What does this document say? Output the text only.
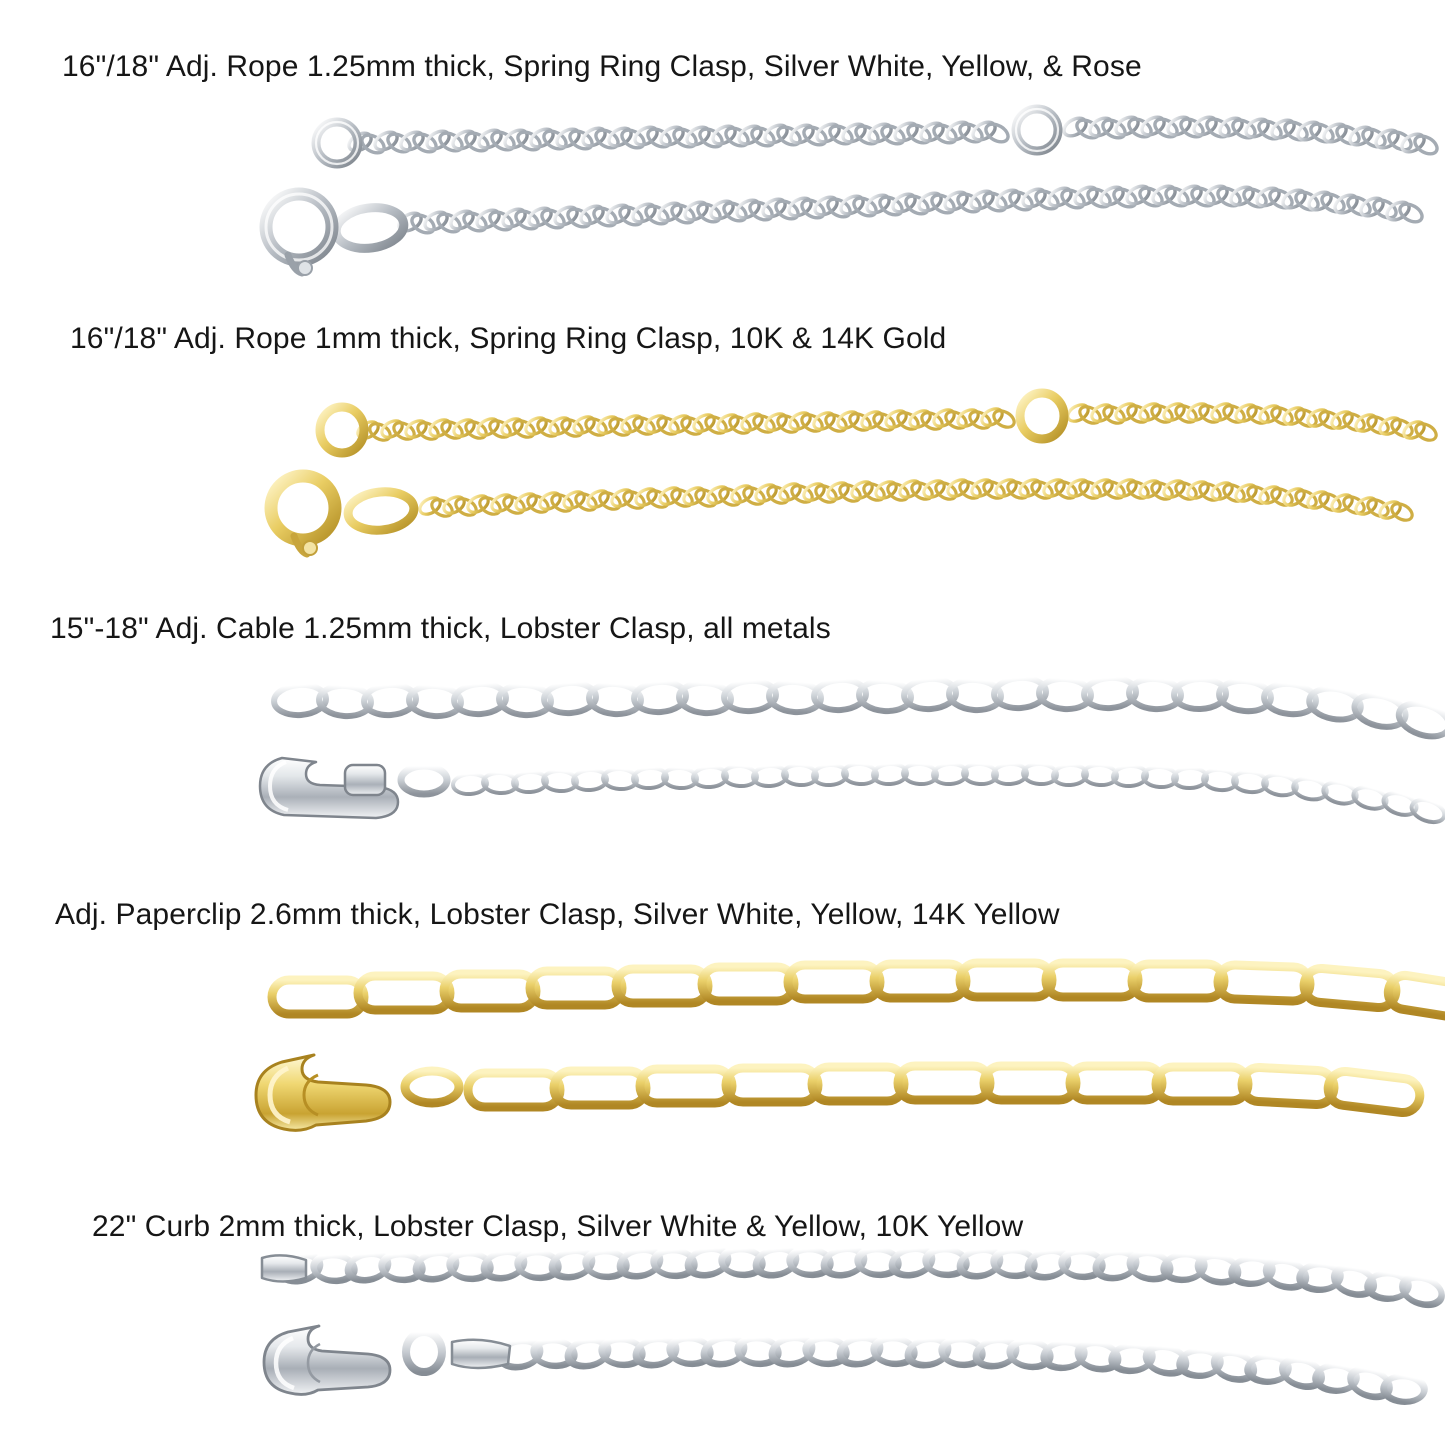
16"/18" Adj. Rope 1.25mm thick, Spring Ring Clasp, Silver White, Yellow, & Rose
16"/18" Adj. Rope 1mm thick, Spring Ring Clasp, 10K & 14K Gold
15"-18" Adj. Cable 1.25mm thick, Lobster Clasp, all metals
Adj. Paperclip 2.6mm thick, Lobster Clasp, Silver White, Yellow, 14K Yellow
22" Curb 2mm thick, Lobster Clasp, Silver White & Yellow, 10K Yellow
